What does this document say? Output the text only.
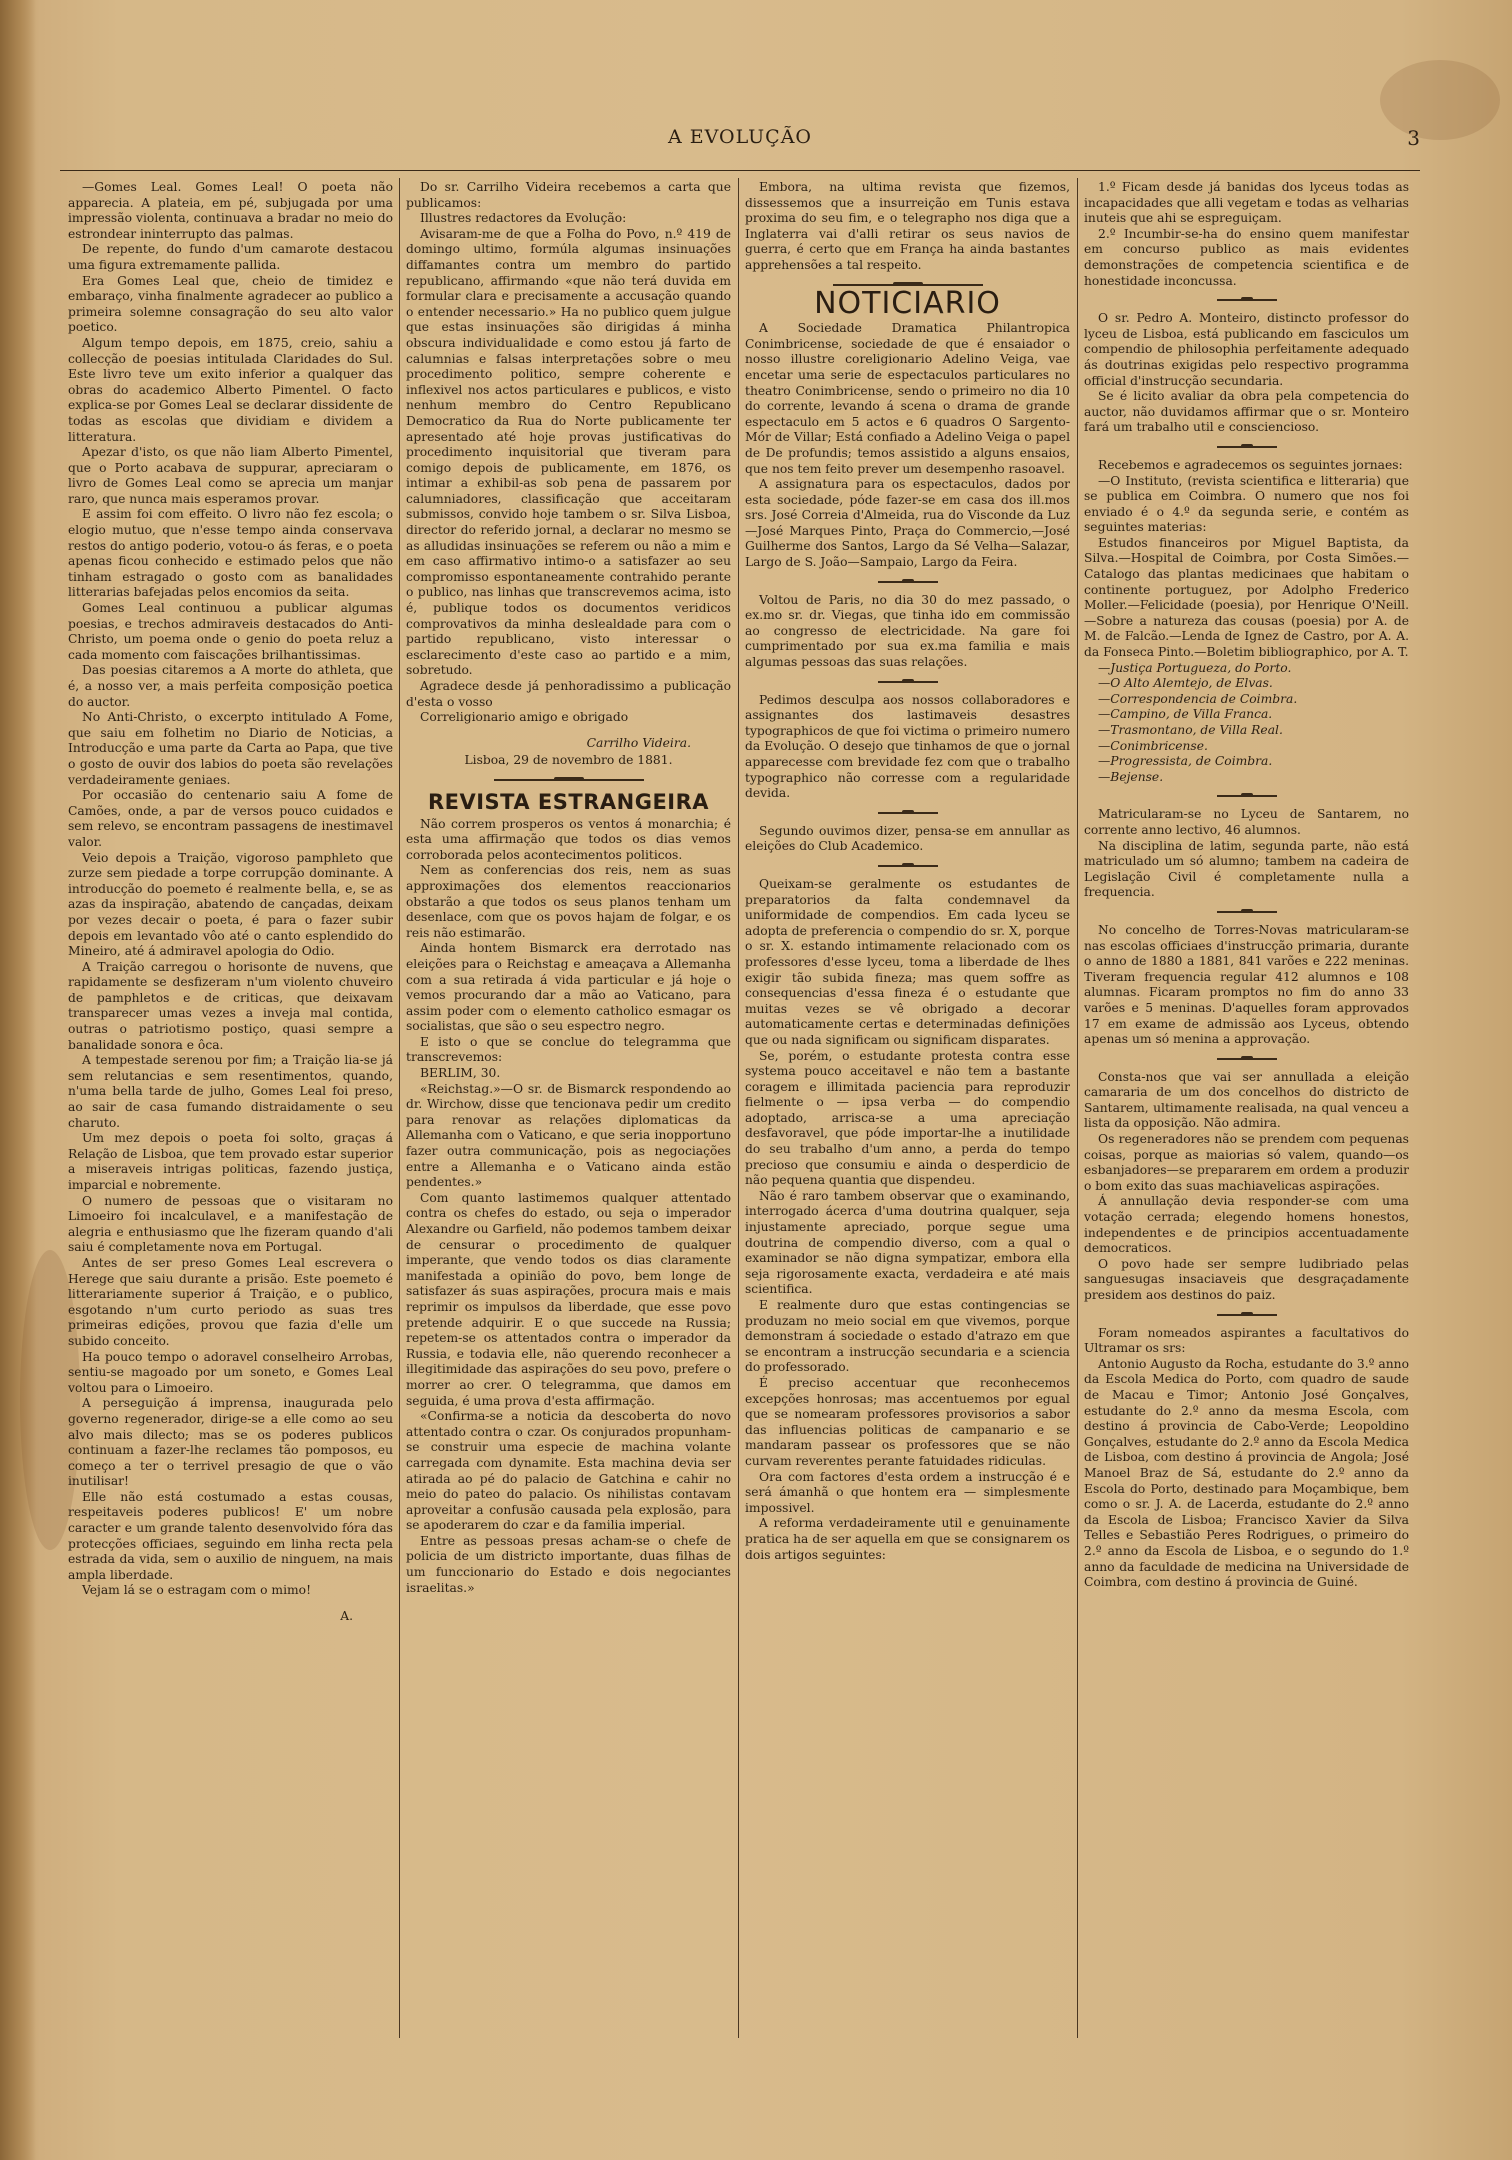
A EVOLUÇÃO	3

—Gomes Leal. Gomes Leal! O poeta não apparecia. A plateia, em pé, subjugada por uma impressão violenta, continuava a bradar no meio do estrondear ininterrupto das palmas.

De repente, do fundo d'um camarote destacou uma figura extremamente pallida.

Era Gomes Leal que, cheio de timidez e embaraço, vinha finalmente agradecer ao publico a primeira solemne consagração do seu alto valor poetico.

Algum tempo depois, em 1875, creio, sahiu a collecção de poesias intitulada Claridades do Sul. Este livro teve um exito inferior a qualquer das obras do academico Alberto Pimentel. O facto explica-se por Gomes Leal se declarar dissidente de todas as escolas que dividiam e dividem a litteratura.

Apezar d'isto, os que não liam Alberto Pimentel, que o Porto acabava de suppurar, apreciaram o livro de Gomes Leal como se aprecia um manjar raro, que nunca mais esperamos provar.

E assim foi com effeito. O livro não fez escola; o elogio mutuo, que n'esse tempo ainda conservava restos do antigo poderio, votou-o ás feras, e o poeta apenas ficou conhecido e estimado pelos que não tinham estragado o gosto com as banalidades litterarias bafejadas pelos encomios da seita.

Gomes Leal continuou a publicar algumas poesias, e trechos admiraveis destacados do Anti-Christo, um poema onde o genio do poeta reluz a cada momento com faiscações brilhantissimas.

Das poesias citaremos a A morte do athleta, que é, a nosso ver, a mais perfeita composição poetica do auctor.

No Anti-Christo, o excerpto intitulado A Fome, que saiu em folhetim no Diario de Noticias, a Introducção e uma parte da Carta ao Papa, que tive o gosto de ouvir dos labios do poeta são revelações verdadeiramente geniaes.

Por occasião do centenario saiu A fome de Camões, onde, a par de versos pouco cuidados e sem relevo, se encontram passagens de inestimavel valor.

Veio depois a Traição, vigoroso pamphleto que zurze sem piedade a torpe corrupção dominante. A introducção do poemeto é realmente bella, e, se as azas da inspiração, abatendo de cançadas, deixam por vezes decair o poeta, é para o fazer subir depois em levantado vôo até o canto esplendido do Mineiro, até á admiravel apologia do Odio.

A Traição carregou o horisonte de nuvens, que rapidamente se desfizeram n'um violento chuveiro de pamphletos e de criticas, que deixavam transparecer umas vezes a inveja mal contida, outras o patriotismo postiço, quasi sempre a banalidade sonora e ôca.

A tempestade serenou por fim; a Traição lia-se já sem relutancias e sem resentimentos, quando, n'uma bella tarde de julho, Gomes Leal foi preso, ao sair de casa fumando distraidamente o seu charuto.

Um mez depois o poeta foi solto, graças á Relação de Lisboa, que tem provado estar superior a miseraveis intrigas politicas, fazendo justiça, imparcial e nobremente.

O numero de pessoas que o visitaram no Limoeiro foi incalculavel, e a manifestação de alegria e enthusiasmo que lhe fizeram quando d'ali saiu é completamente nova em Portugal.

Antes de ser preso Gomes Leal escrevera o Herege que saiu durante a prisão. Este poemeto é litterariamente superior á Traição, e o publico, esgotando n'um curto periodo as suas tres primeiras edições, provou que fazia d'elle um subido conceito.

Ha pouco tempo o adoravel conselheiro Arrobas, sentiu-se magoado por um soneto, e Gomes Leal voltou para o Limoeiro.

A perseguição á imprensa, inaugurada pelo governo regenerador, dirige-se a elle como ao seu alvo mais dilecto; mas se os poderes publicos continuam a fazer-lhe reclames tão pomposos, eu começo a ter o terrivel presagio de que o vão inutilisar!

Elle não está costumado a estas cousas, respeitaveis poderes publicos! E' um nobre caracter e um grande talento desenvolvido fóra das protecções officiaes, seguindo em linha recta pela estrada da vida, sem o auxilio de ninguem, na mais ampla liberdade.

Vejam lá se o estragam com o mimo!

A.

Do sr. Carrilho Videira recebemos a carta que publicamos:

Illustres redactores da Evolução:

Avisaram-me de que a Folha do Povo, n.º 419 de domingo ultimo, formúla algumas insinuações diffamantes contra um membro do partido republicano, affirmando «que não terá duvida em formular clara e precisamente a accusação quando o entender necessario.» Ha no publico quem julgue que estas insinuações são dirigidas á minha obscura individualidade e como estou já farto de calumnias e falsas interpretações sobre o meu procedimento politico, sempre coherente e inflexivel nos actos particulares e publicos, e visto nenhum membro do Centro Republicano Democratico da Rua do Norte publicamente ter apresentado até hoje provas justificativas do procedimento inquisitorial que tiveram para comigo depois de publicamente, em 1876, os intimar a exhibil-as sob pena de passarem por calumniadores, classificação que acceitaram submissos, convido hoje tambem o sr. Silva Lisboa, director do referido jornal, a declarar no mesmo se as alludidas insinuações se referem ou não a mim e em caso affirmativo intimo-o a satisfazer ao seu compromisso espontaneamente contrahido perante o publico, nas linhas que transcrevemos acima, isto é, publique todos os documentos veridicos comprovativos da minha deslealdade para com o partido republicano, visto interessar o esclarecimento d'este caso ao partido e a mim, sobretudo.

Agradece desde já penhoradissimo a publicação d'esta o vosso

Correligionario amigo e obrigado

Carrilho Videira.
Lisboa, 29 de novembro de 1881.
REVISTA ESTRANGEIRA

Não correm prosperos os ventos á monarchia; é esta uma affirmação que todos os dias vemos corroborada pelos acontecimentos politicos.

Nem as conferencias dos reis, nem as suas approximações dos elementos reaccionarios obstarão a que todos os seus planos tenham um desenlace, com que os povos hajam de folgar, e os reis não estimarão.

Ainda hontem Bismarck era derrotado nas eleições para o Reichstag e ameaçava a Allemanha com a sua retirada á vida particular e já hoje o vemos procurando dar a mão ao Vaticano, para assim poder com o elemento catholico esmagar os socialistas, que são o seu espectro negro.

E isto o que se conclue do telegramma que transcrevemos:

BERLIM, 30.

«Reichstag.»—O sr. de Bismarck respondendo ao dr. Wirchow, disse que tencionava pedir um credito para renovar as relações diplomaticas da Allemanha com o Vaticano, e que seria inopportuno fazer outra communicação, pois as negociações entre a Allemanha e o Vaticano ainda estão pendentes.»

Com quanto lastimemos qualquer attentado contra os chefes do estado, ou seja o imperador Alexandre ou Garfield, não podemos tambem deixar de censurar o procedimento de qualquer imperante, que vendo todos os dias claramente manifestada a opinião do povo, bem longe de satisfazer ás suas aspirações, procura mais e mais reprimir os impulsos da liberdade, que esse povo pretende adquirir. E o que succede na Russia; repetem-se os attentados contra o imperador da Russia, e todavia elle, não querendo reconhecer a illegitimidade das aspirações do seu povo, prefere o morrer ao crer. O telegramma, que damos em seguida, é uma prova d'esta affirmação.

«Confirma-se a noticia da descoberta do novo attentado contra o czar. Os conjurados propunham-se construir uma especie de machina volante carregada com dynamite. Esta machina devia ser atirada ao pé do palacio de Gatchina e cahir no meio do pateo do palacio. Os nihilistas contavam aproveitar a confusão causada pela explosão, para se apoderarem do czar e da familia imperial.

Entre as pessoas presas acham-se o chefe de policia de um districto importante, duas filhas de um funccionario do Estado e dois negociantes israelitas.»

Embora, na ultima revista que fizemos, dissessemos que a insurreição em Tunis estava proxima do seu fim, e o telegrapho nos diga que a Inglaterra vai d'alli retirar os seus navios de guerra, é certo que em França ha ainda bastantes apprehensões a tal respeito.

NOTICIARIO

A Sociedade Dramatica Philantropica Conimbricense, sociedade de que é ensaiador o nosso illustre coreligionario Adelino Veiga, vae encetar uma serie de espectaculos particulares no theatro Conimbricense, sendo o primeiro no dia 10 do corrente, levando á scena o drama de grande espectaculo em 5 actos e 6 quadros O Sargento-Mór de Villar; Está confiado a Adelino Veiga o papel de De profundis; temos assistido a alguns ensaios, que nos tem feito prever um desempenho rasoavel.

A assignatura para os espectaculos, dados por esta sociedade, póde fazer-se em casa dos ill.mos srs. José Correia d'Almeida, rua do Visconde da Luz—José Marques Pinto, Praça do Commercio,—José Guilherme dos Santos, Largo da Sé Velha—Salazar, Largo de S. João—Sampaio, Largo da Feira.

Voltou de Paris, no dia 30 do mez passado, o ex.mo sr. dr. Viegas, que tinha ido em commissão ao congresso de electricidade. Na gare foi cumprimentado por sua ex.ma familia e mais algumas pessoas das suas relações.

Pedimos desculpa aos nossos collaboradores e assignantes dos lastimaveis desastres typographicos de que foi victima o primeiro numero da Evolução. O desejo que tinhamos de que o jornal apparecesse com brevidade fez com que o trabalho typographico não corresse com a regularidade devida.

Segundo ouvimos dizer, pensa-se em annullar as eleições do Club Academico.

Queixam-se geralmente os estudantes de preparatorios da falta condemnavel da uniformidade de compendios. Em cada lyceu se adopta de preferencia o compendio do sr. X, porque o sr. X. estando intimamente relacionado com os professores d'esse lyceu, toma a liberdade de lhes exigir tão subida fineza; mas quem soffre as consequencias d'essa fineza é o estudante que muitas vezes se vê obrigado a decorar automaticamente certas e determinadas definições que ou nada significam ou significam disparates.

Se, porém, o estudante protesta contra esse systema pouco acceitavel e não tem a bastante coragem e illimitada paciencia para reproduzir fielmente o — ipsa verba — do compendio adoptado, arrisca-se a uma apreciação desfavoravel, que póde importar-lhe a inutilidade do seu trabalho d'um anno, a perda do tempo precioso que consumiu e ainda o desperdicio de não pequena quantia que dispendeu.

Não é raro tambem observar que o examinando, interrogado ácerca d'uma doutrina qualquer, seja injustamente apreciado, porque segue uma doutrina de compendio diverso, com a qual o examinador se não digna sympatizar, embora ella seja rigorosamente exacta, verdadeira e até mais scientifica.

E realmente duro que estas contingencias se produzam no meio social em que vivemos, porque demonstram á sociedade o estado d'atrazo em que se encontram a instrucção secundaria e a sciencia do professorado.

É preciso accentuar que reconhecemos excepções honrosas; mas accentuemos por egual que se nomearam professores provisorios a sabor das influencias politicas de campanario e se mandaram passear os professores que se não curvam reverentes perante fatuidades ridiculas.

Ora com factores d'esta ordem a instrucção é e será ámanhã o que hontem era — simplesmente impossivel.

A reforma verdadeiramente util e genuinamente pratica ha de ser aquella em que se consignarem os dois artigos seguintes:

1.º Ficam desde já banidas dos lyceus todas as incapacidades que alli vegetam e todas as velharias inuteis que ahi se espreguiçam.

2.º Incumbir-se-ha do ensino quem manifestar em concurso publico as mais evidentes demonstrações de competencia scientifica e de honestidade inconcussa.

O sr. Pedro A. Monteiro, distincto professor do lyceu de Lisboa, está publicando em fasciculos um compendio de philosophia perfeitamente adequado ás doutrinas exigidas pelo respectivo programma official d'instrucção secundaria.

Se é licito avaliar da obra pela competencia do auctor, não duvidamos affirmar que o sr. Monteiro fará um trabalho util e consciencioso.

Recebemos e agradecemos os seguintes jornaes:

—O Instituto, (revista scientifica e litteraria) que se publica em Coimbra. O numero que nos foi enviado é o 4.º da segunda serie, e contém as seguintes materias:

Estudos financeiros por Miguel Baptista, da Silva.—Hospital de Coimbra, por Costa Simões.—Catalogo das plantas medicinaes que habitam o continente portuguez, por Adolpho Frederico Moller.—Felicidade (poesia), por Henrique O'Neill.—Sobre a natureza das cousas (poesia) por A. de M. de Falcão.—Lenda de Ignez de Castro, por A. A. da Fonseca Pinto.—Boletim bibliographico, por A. T.

—Justiça Portugueza, do Porto.

—O Alto Alemtejo, de Elvas.

—Correspondencia de Coimbra.

—Campino, de Villa Franca.

—Trasmontano, de Villa Real.

—Conimbricense.

—Progressista, de Coimbra.

—Bejense.

Matricularam-se no Lyceu de Santarem, no corrente anno lectivo, 46 alumnos.

Na disciplina de latim, segunda parte, não está matriculado um só alumno; tambem na cadeira de Legislação Civil é completamente nulla a frequencia.

No concelho de Torres-Novas matricularam-se nas escolas officiaes d'instrucção primaria, durante o anno de 1880 a 1881, 841 varões e 222 meninas. Tiveram frequencia regular 412 alumnos e 108 alumnas. Ficaram promptos no fim do anno 33 varões e 5 meninas. D'aquelles foram approvados 17 em exame de admissão aos Lyceus, obtendo apenas um só menina a approvação.

Consta-nos que vai ser annullada a eleição camararia de um dos concelhos do districto de Santarem, ultimamente realisada, na qual venceu a lista da opposição. Não admira.

Os regeneradores não se prendem com pequenas coisas, porque as maiorias só valem, quando—os esbanjadores—se prepararem em ordem a produzir o bom exito das suas machiavelicas aspirações.

Á annullação devia responder-se com uma votação cerrada; elegendo homens honestos, independentes e de principios accentuadamente democraticos.

O povo hade ser sempre ludibriado pelas sanguesugas insaciaveis que desgraçadamente presidem aos destinos do paiz.

Foram nomeados aspirantes a facultativos do Ultramar os srs:

Antonio Augusto da Rocha, estudante do 3.º anno da Escola Medica do Porto, com quadro de saude de Macau e Timor; Antonio José Gonçalves, estudante do 2.º anno da mesma Escola, com destino á provincia de Cabo-Verde; Leopoldino Gonçalves, estudante do 2.º anno da Escola Medica de Lisboa, com destino á provincia de Angola; José Manoel Braz de Sá, estudante do 2.º anno da Escola do Porto, destinado para Moçambique, bem como o sr. J. A. de Lacerda, estudante do 2.º anno da Escola de Lisboa; Francisco Xavier da Silva Telles e Sebastião Peres Rodrigues, o primeiro do 2.º anno da Escola de Lisboa, e o segundo do 1.º anno da faculdade de medicina na Universidade de Coimbra, com destino á provincia de Guiné.
